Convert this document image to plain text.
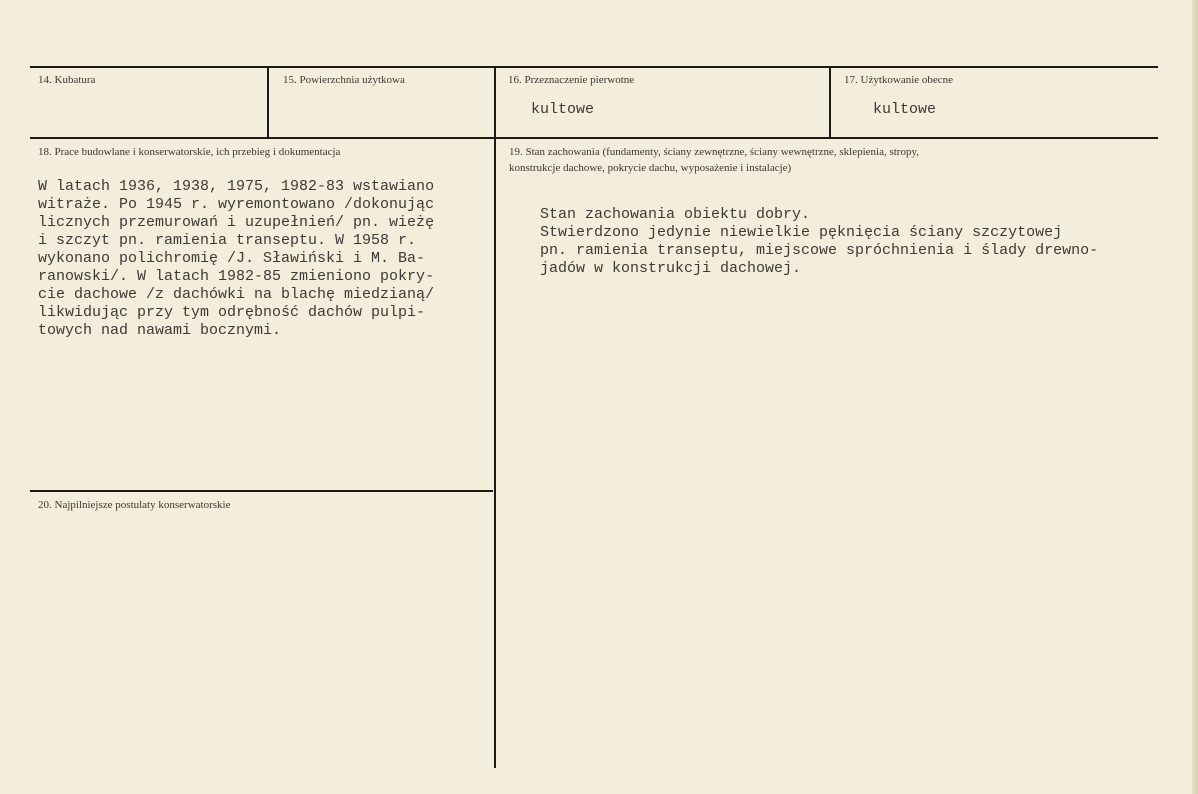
14. Kubatura	15. Powierzchnia użytkowa	16. Przeznaczenie pierwotne
kultowe
17. Użytkowanie obecne
kultowe
18. Prace budowlane i konserwatorskie, ich przebieg i dokumentacja
W latach 1936, 1938, 1975, 1982-83 wstawiano
witraże. Po 1945 r. wyremontowano /dokonując
licznych przemurowań i uzupełnień/ pn. wieżę
i szczyt pn. ramienia transeptu. W 1958 r.
wykonano polichromię /J. Sławiński i M. Ba-
ranowski/. W latach 1982-85 zmieniono pokry-
cie dachowe /z dachówki na blachę miedzianą/
likwidując przy tym odrębność dachów pulpi-
towych nad nawami bocznymi.
19. Stan zachowania (fundamenty, ściany zewnętrzne, ściany wewnętrzne, sklepienia, stropy,
konstrukcje dachowe, pokrycie dachu, wyposażenie i instalacje)
Stan zachowania obiektu dobry.
Stwierdzono jedynie niewielkie pęknięcia ściany szczytowej
pn. ramienia transeptu, miejscowe spróchnienia i ślady drewno-
jadów w konstrukcji dachowej.
20. Najpilniejsze postulaty konserwatorskie
